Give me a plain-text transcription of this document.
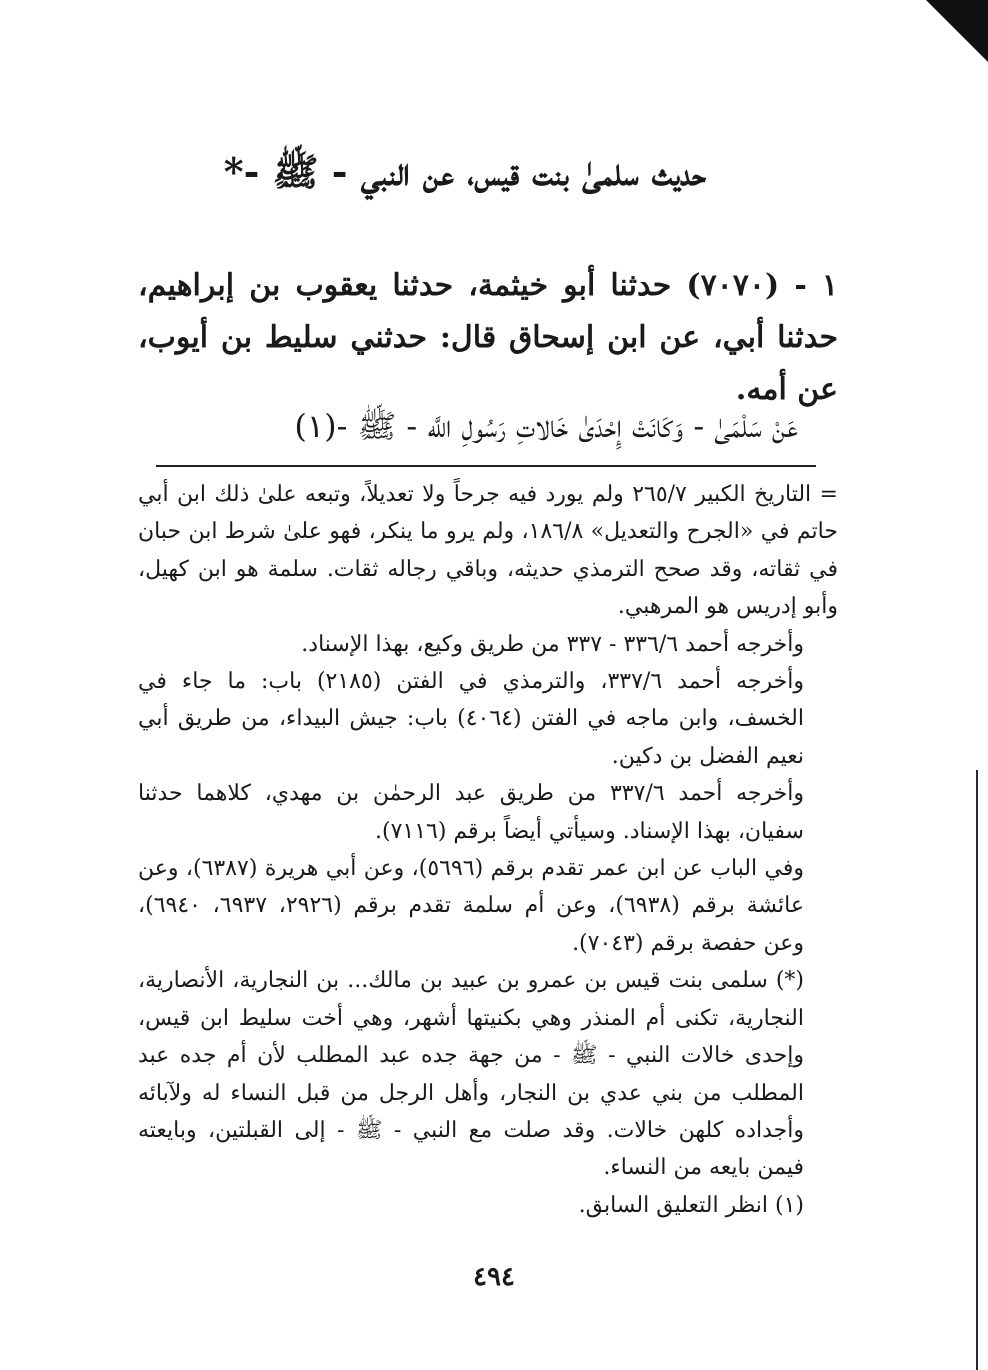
حديث سلمىٰ بنت قيس، عن النبي - ﷺ -*

١ - (٧٠٧٠) حدثنا أبو خيثمة، حدثنا يعقوب بن إبراهيم، حدثنا أبي، عن ابن إسحاق قال: حدثني سليط بن أيوب، عن أمه.

عَنْ سَلْمَىٰ - وَكَانَتْ إِحْدَىٰ خَالاتِ رَسُولِ اللَّه - ﷺ -(١)

= التاريخ الكبير ٢٦٥/٧ ولم يورد فيه جرحاً ولا تعديلاً، وتبعه علىٰ ذلك ابن أبي حاتم في «الجرح والتعديل» ١٨٦/٨، ولم يرو ما ينكر، فهو علىٰ شرط ابن حبان في ثقاته، وقد صحح الترمذي حديثه، وباقي رجاله ثقات. سلمة هو ابن كهيل، وأبو إدريس هو المرهبي.

وأخرجه أحمد ٣٣٦/٦ - ٣٣٧ من طريق وكيع، بهذا الإسناد.

وأخرجه أحمد ٣٣٧/٦، والترمذي في الفتن (٢١٨٥) باب: ما جاء في الخسف، وابن ماجه في الفتن (٤٠٦٤) باب: جيش البيداء، من طريق أبي نعيم الفضل بن دكين.

وأخرجه أحمد ٣٣٧/٦ من طريق عبد الرحمٰن بن مهدي، كلاهما حدثنا سفيان، بهذا الإسناد. وسيأتي أيضاً برقم (٧١١٦).

وفي الباب عن ابن عمر تقدم برقم (٥٦٩٦)، وعن أبي هريرة (٦٣٨٧)، وعن عائشة برقم (٦٩٣٨)، وعن أم سلمة تقدم برقم (٢٩٢٦، ٦٩٣٧، ٦٩٤٠)، وعن حفصة برقم (٧٠٤٣).

(*) سلمى بنت قيس بن عمرو بن عبيد بن مالك... بن النجارية، الأنصارية، النجارية، تكنى أم المنذر وهي بكنيتها أشهر، وهي أخت سليط ابن قيس، وإحدى خالات النبي - ﷺ - من جهة جده عبد المطلب لأن أم جده عبد المطلب من بني عدي بن النجار، وأهل الرجل من قبل النساء له ولآبائه وأجداده كلهن خالات. وقد صلت مع النبي - ﷺ - إلى القبلتين، وبايعته فيمن بايعه من النساء.

(١) انظر التعليق السابق.

٤٩٤
